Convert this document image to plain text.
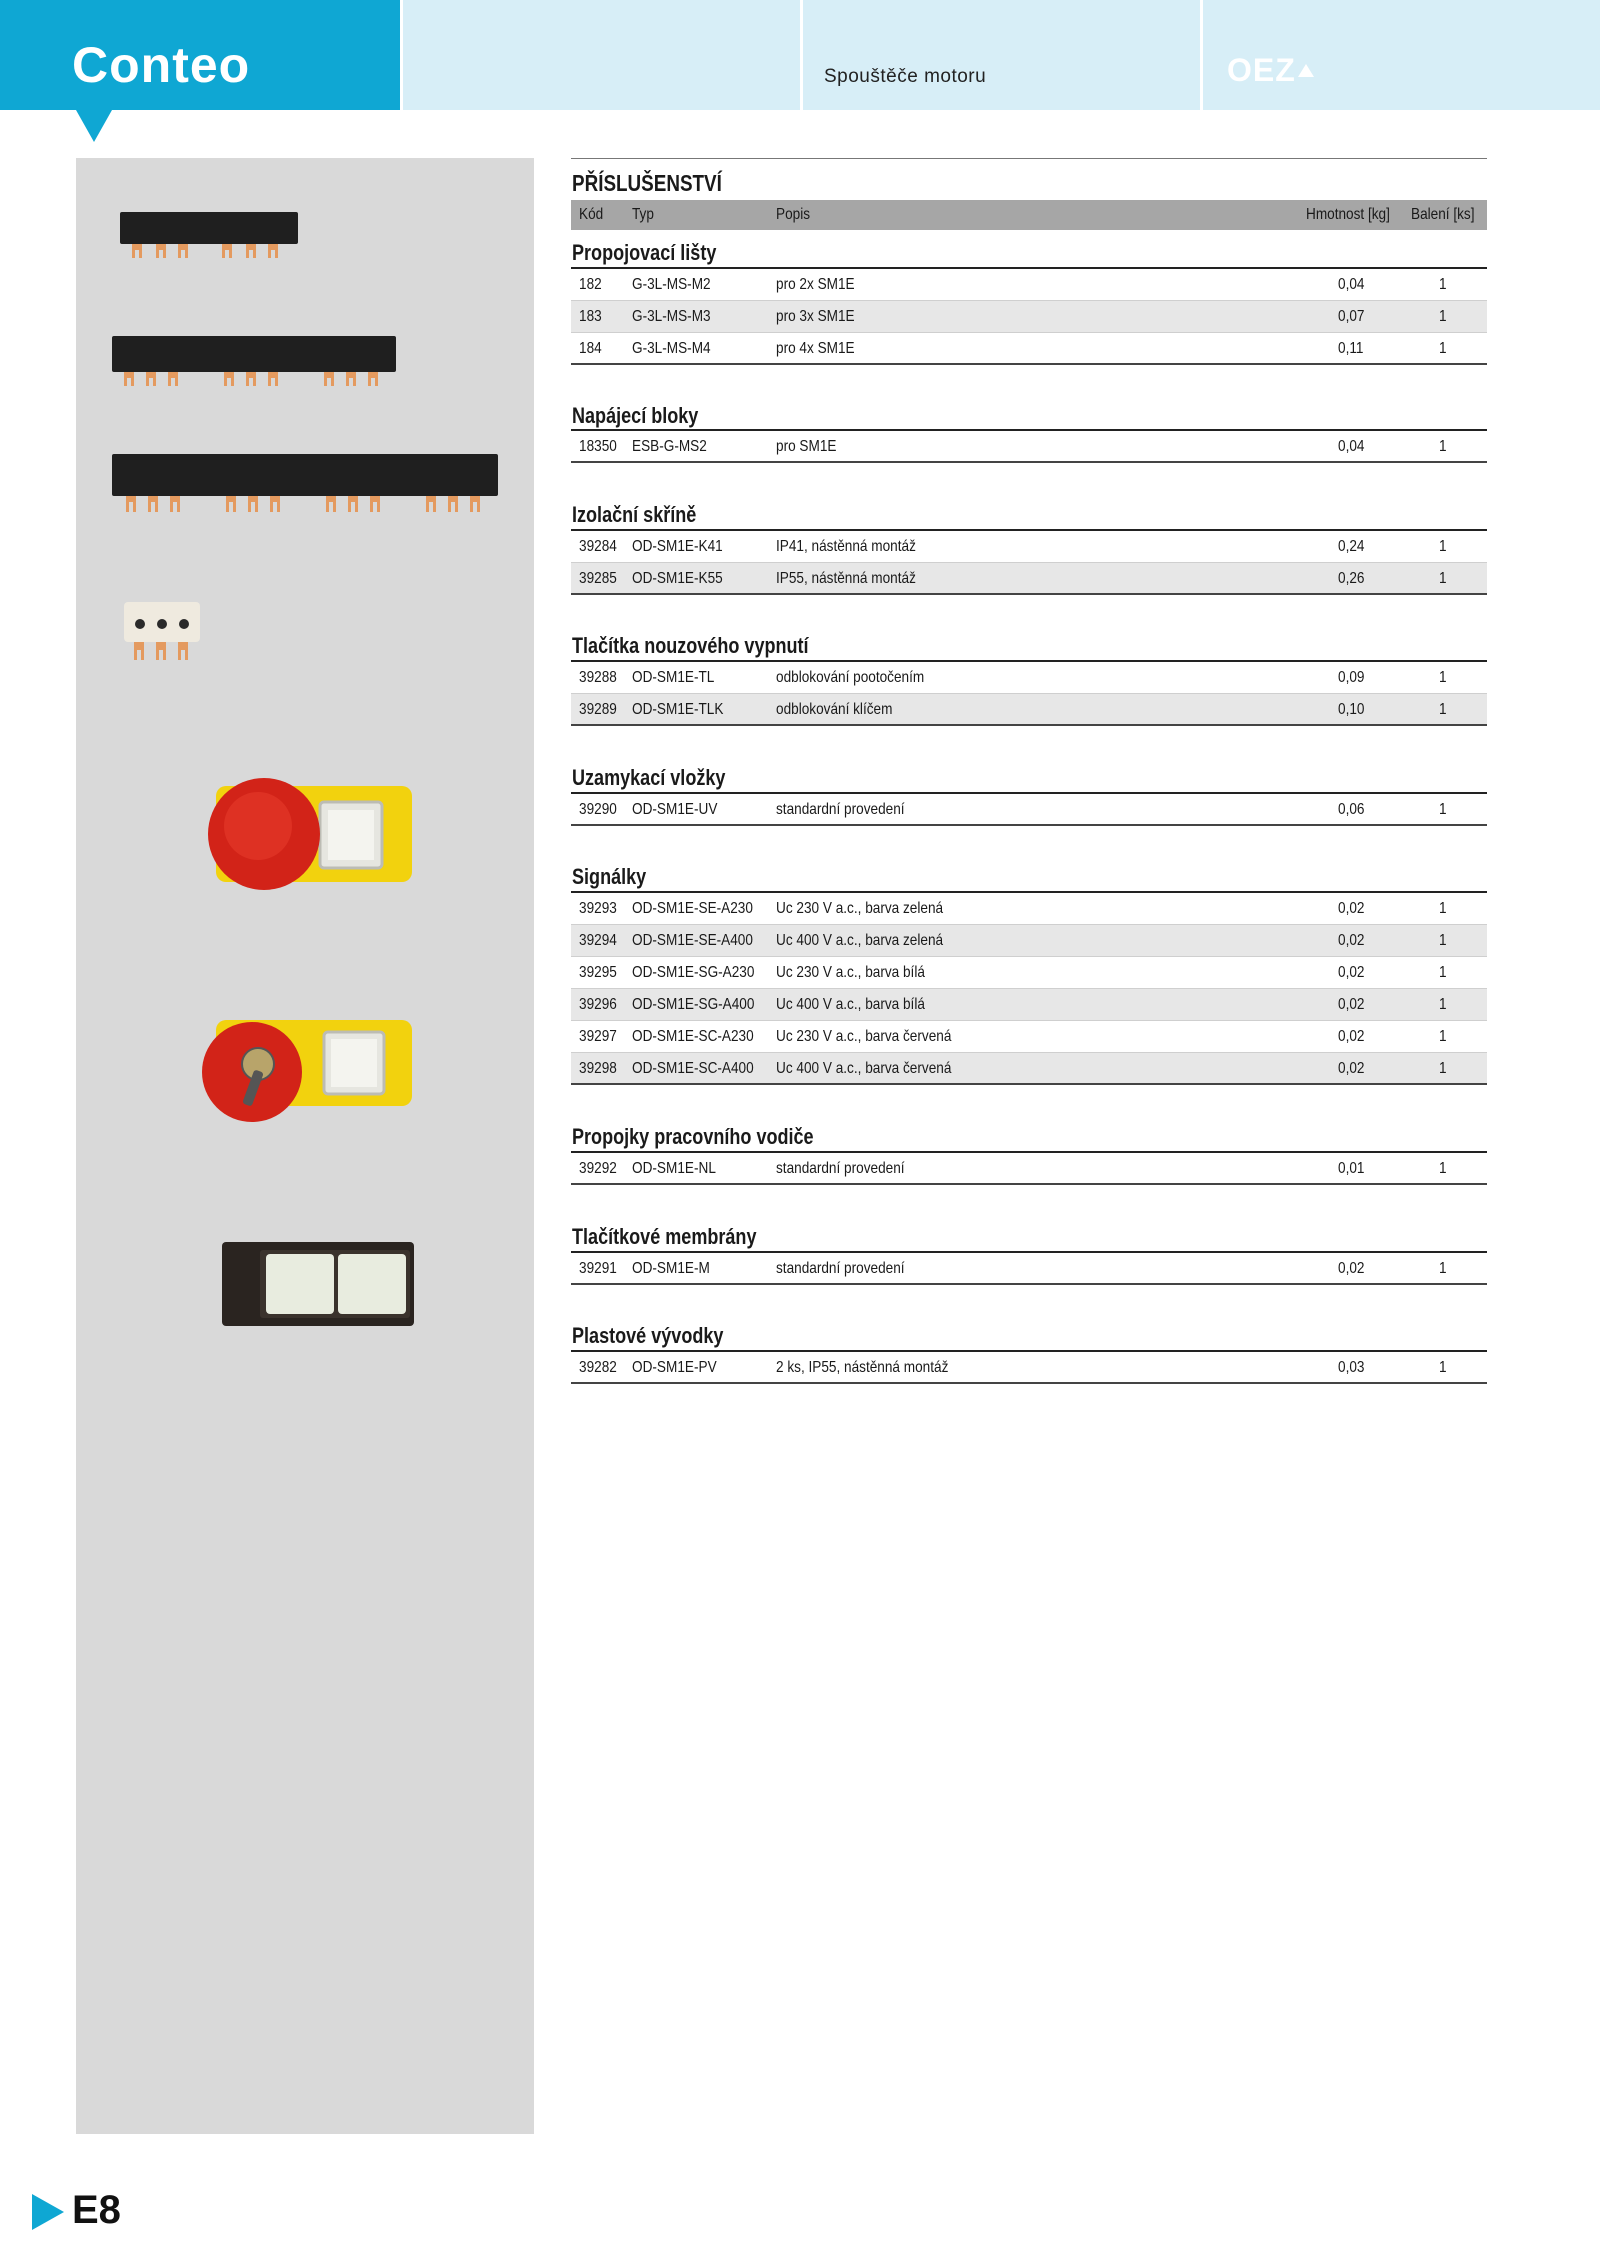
Conteo	Spouštěče motoru	OEZ
PŘÍSLUŠENSTVÍ
Kód Typ	Popis	Hmotnost [kg] Balení [ks]
Propojovací lišty
182 G-3L-MS-M2	pro 2x SM1E	0,04	1
183 G-3L-MS-M3	pro 3x SM1E	0,07	1
184 G-3L-MS-M4	pro 4x SM1E	0,11	1
Napájecí bloky
18350 ESB-G-MS2	pro SM1E	0,04	1
Izolační skříně
39284 OD-SM1E-K41	IP41, nástěnná montáž	0,24	1
39285 OD-SM1E-K55	IP55, nástěnná montáž	0,26	1
Tlačítka nouzového vypnutí
39288 OD-SM1E-TL	odblokování pootočením	0,09	1
39289 OD-SM1E-TLK	odblokování klíčem	0,10	1
Uzamykací vložky
39290 OD-SM1E-UV	standardní provedení	0,06	1
Signálky
39293 OD-SM1E-SE-A230 Uc 230 V a.c., barva zelená	0,02	1
39294 OD-SM1E-SE-A400 Uc 400 V a.c., barva zelená	0,02	1
39295 OD-SM1E-SG-A230 Uc 230 V a.c., barva bílá	0,02	1
39296 OD-SM1E-SG-A400 Uc 400 V a.c., barva bílá	0,02	1
39297 OD-SM1E-SC-A230 Uc 230 V a.c., barva červená	0,02	1
39298 OD-SM1E-SC-A400 Uc 400 V a.c., barva červená	0,02	1
Propojky pracovního vodiče
39292 OD-SM1E-NL	standardní provedení	0,01	1
Tlačítkové membrány
39291 OD-SM1E-M	standardní provedení	0,02	1
Plastové vývodky
39282 OD-SM1E-PV	2 ks, IP55, nástěnná montáž	0,03	1
E8
